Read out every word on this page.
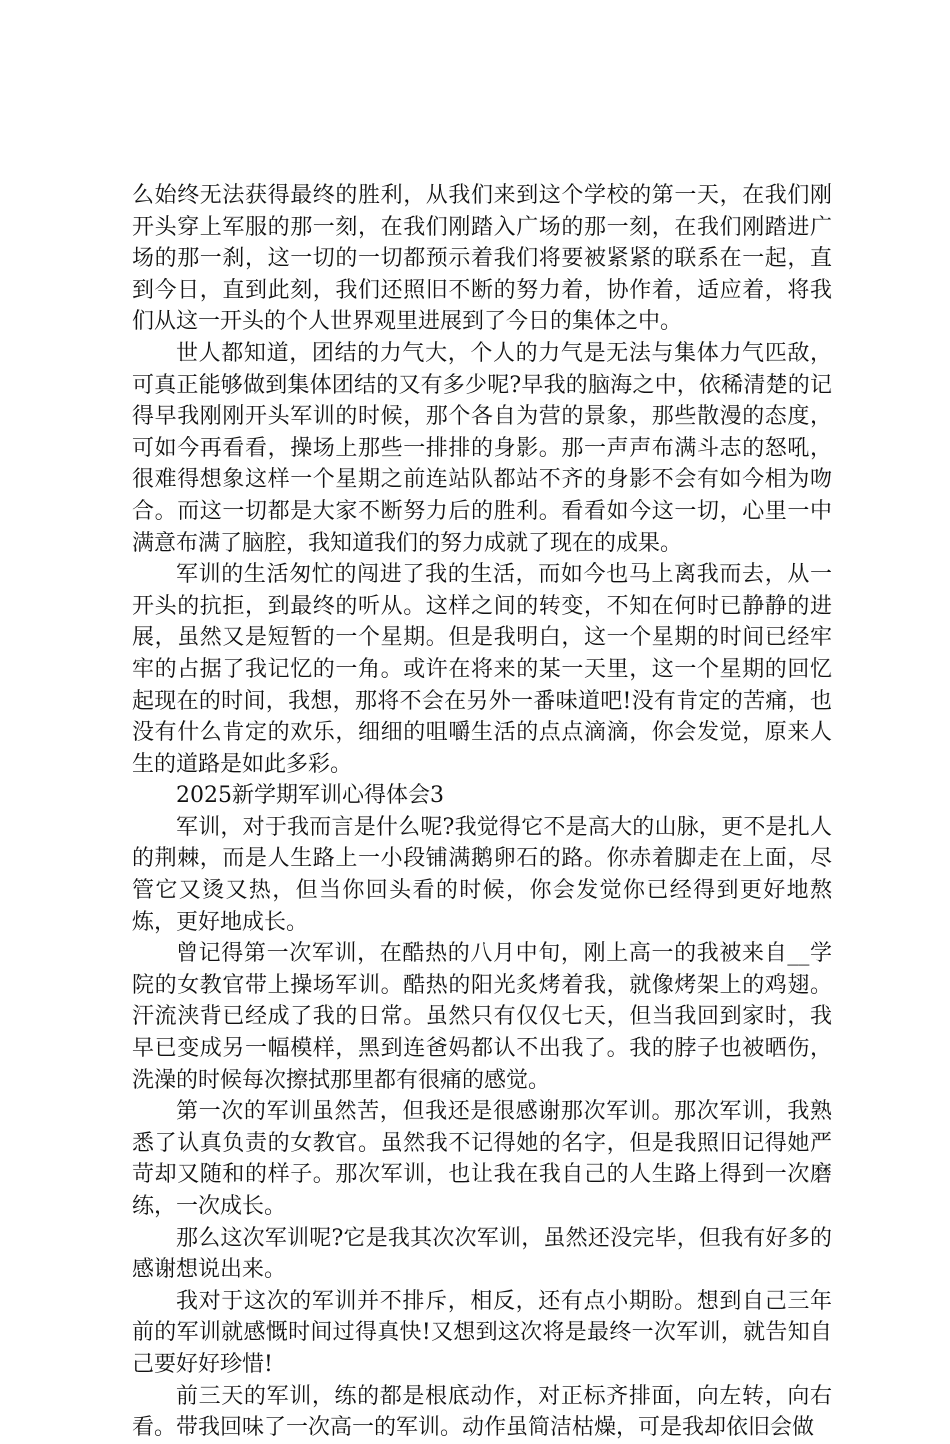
么始终无法获得最终的胜利，从我们来到这个学校的第一天，在我们刚开头穿上军服的那一刻，在我们刚踏入广场的那一刻，在我们刚踏进广场的那一刹，这一切的一切都预示着我们将要被紧紧的联系在一起，直到今日，直到此刻，我们还照旧不断的努力着，协作着，适应着，将我们从这一开头的个人世界观里进展到了今日的集体之中。

世人都知道，团结的力气大，个人的力气是无法与集体力气匹敌，可真正能够做到集体团结的又有多少呢?早我的脑海之中，依稀清楚的记得早我刚刚开头军训的时候，那个各自为营的景象，那些散漫的态度，可如今再看看，操场上那些一排排的身影。那一声声布满斗志的怒吼，很难得想象这样一个星期之前连站队都站不齐的身影不会有如今相为吻合。而这一切都是大家不断努力后的胜利。看看如今这一切，心里一中满意布满了脑腔，我知道我们的努力成就了现在的成果。

军训的生活匆忙的闯进了我的生活，而如今也马上离我而去，从一开头的抗拒，到最终的听从。这样之间的转变，不知在何时已静静的进展，虽然又是短暂的一个星期。但是我明白，这一个星期的时间已经牢牢的占据了我记忆的一角。或许在将来的某一天里，这一个星期的回忆起现在的时间，我想，那将不会在另外一番味道吧!没有肯定的苦痛，也没有什么肯定的欢乐，细细的咀嚼生活的点点滴滴，你会发觉，原来人生的道路是如此多彩。

2025新学期军训心得体会3

军训，对于我而言是什么呢?我觉得它不是高大的山脉，更不是扎人的荆棘，而是人生路上一小段铺满鹅卵石的路。你赤着脚走在上面，尽管它又烫又热，但当你回头看的时候，你会发觉你已经得到更好地熬炼，更好地成长。

曾记得第一次军训，在酷热的八月中旬，刚上高一的我被来自__学院的女教官带上操场军训。酷热的阳光炙烤着我，就像烤架上的鸡翅。汗流浃背已经成了我的日常。虽然只有仅仅七天，但当我回到家时，我早已变成另一幅模样，黑到连爸妈都认不出我了。我的脖子也被晒伤，洗澡的时候每次擦拭那里都有很痛的感觉。

第一次的军训虽然苦，但我还是很感谢那次军训。那次军训，我熟悉了认真负责的女教官。虽然我不记得她的名字，但是我照旧记得她严苛却又随和的样子。那次军训，也让我在我自己的人生路上得到一次磨练，一次成长。

那么这次军训呢?它是我其次次军训，虽然还没完毕，但我有好多的感谢想说出来。

我对于这次的军训并不排斥，相反，还有点小期盼。想到自己三年前的军训就感慨时间过得真快!又想到这次将是最终一次军训，就告知自己要好好珍惜!

前三天的军训，练的都是根底动作，对正标齐排面，向左转，向右看。带我回味了一次高一的军训。动作虽简洁枯燥，可是我却依旧会做
